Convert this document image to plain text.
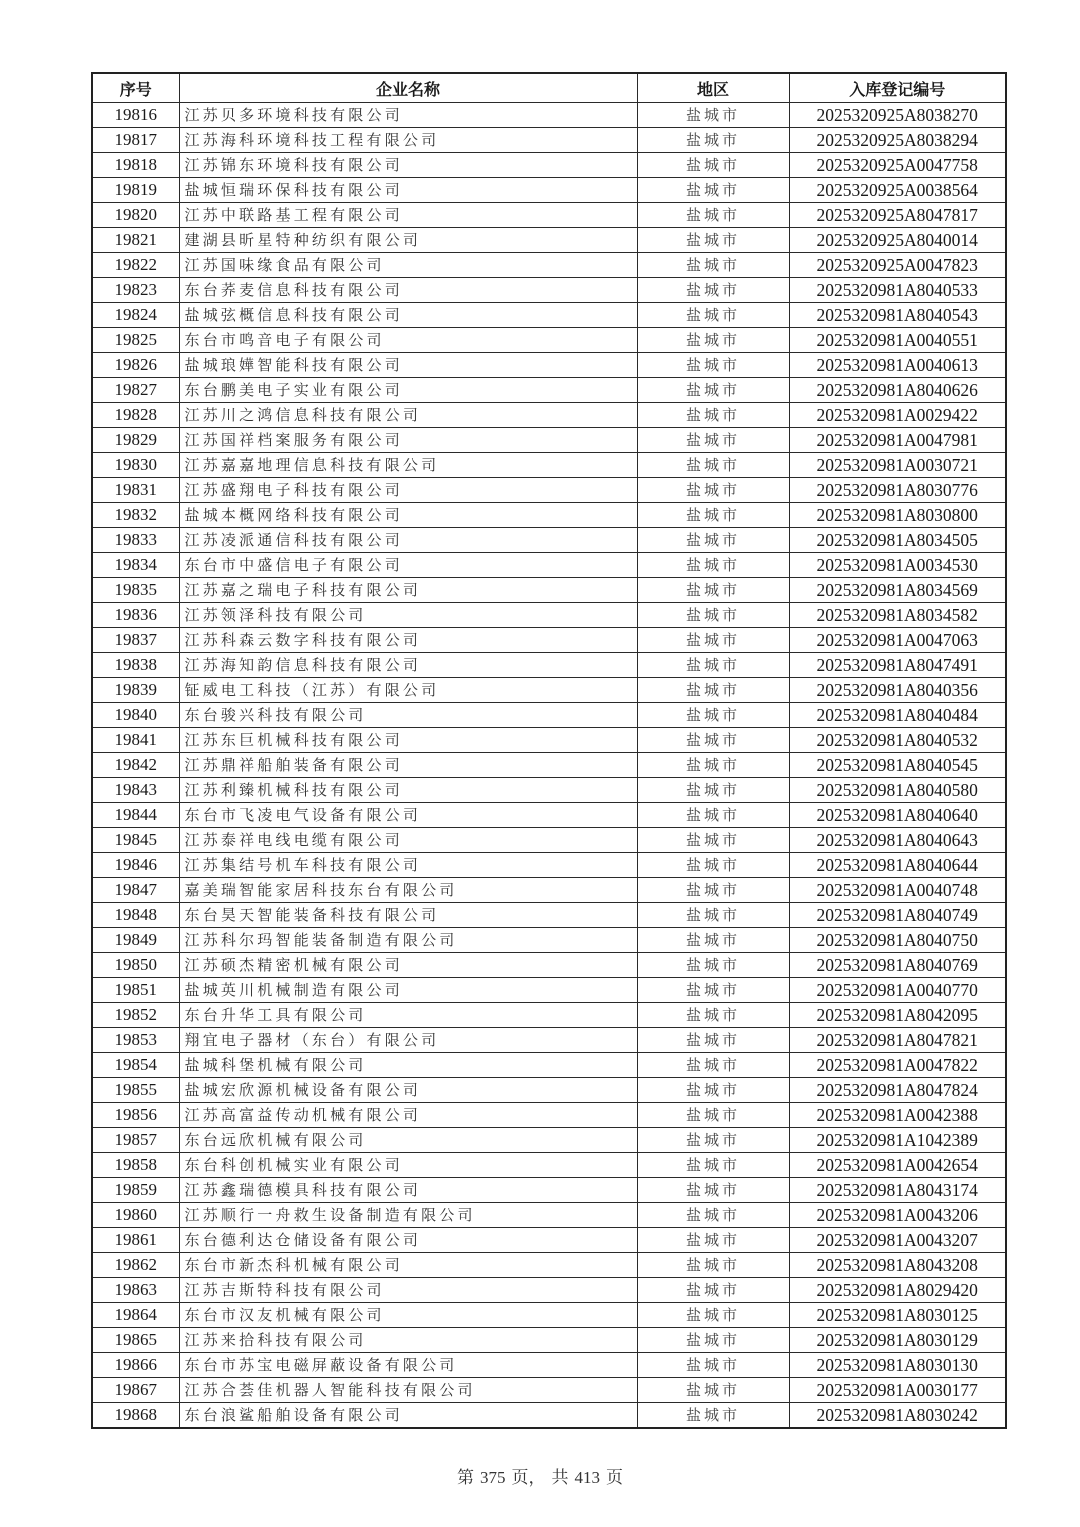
序号	企业名称	地区	入库登记编号
19816	江苏贝多环境科技有限公司	盐城市	2025320925A8038270
19817	江苏海科环境科技工程有限公司	盐城市	2025320925A8038294
19818	江苏锦东环境科技有限公司	盐城市	2025320925A0047758
19819	盐城恒瑞环保科技有限公司	盐城市	2025320925A0038564
19820	江苏中联路基工程有限公司	盐城市	2025320925A8047817
19821	建湖县昕星特种纺织有限公司	盐城市	2025320925A8040014
19822	江苏国味缘食品有限公司	盐城市	2025320925A0047823
19823	东台荞麦信息科技有限公司	盐城市	2025320981A8040533
19824	盐城弦概信息科技有限公司	盐城市	2025320981A8040543
19825	东台市鸣音电子有限公司	盐城市	2025320981A0040551
19826	盐城琅嬅智能科技有限公司	盐城市	2025320981A0040613
19827	东台鹏美电子实业有限公司	盐城市	2025320981A8040626
19828	江苏川之鸿信息科技有限公司	盐城市	2025320981A0029422
19829	江苏国祥档案服务有限公司	盐城市	2025320981A0047981
19830	江苏嘉嘉地理信息科技有限公司	盐城市	2025320981A0030721
19831	江苏盛翔电子科技有限公司	盐城市	2025320981A8030776
19832	盐城本概网络科技有限公司	盐城市	2025320981A8030800
19833	江苏凌派通信科技有限公司	盐城市	2025320981A8034505
19834	东台市中盛信电子有限公司	盐城市	2025320981A0034530
19835	江苏嘉之瑞电子科技有限公司	盐城市	2025320981A8034569
19836	江苏领泽科技有限公司	盐城市	2025320981A8034582
19837	江苏科森云数字科技有限公司	盐城市	2025320981A0047063
19838	江苏海知韵信息科技有限公司	盐城市	2025320981A8047491
19839	钲威电工科技（江苏）有限公司	盐城市	2025320981A8040356
19840	东台骏兴科技有限公司	盐城市	2025320981A8040484
19841	江苏东巨机械科技有限公司	盐城市	2025320981A8040532
19842	江苏鼎祥船舶装备有限公司	盐城市	2025320981A8040545
19843	江苏利臻机械科技有限公司	盐城市	2025320981A8040580
19844	东台市飞凌电气设备有限公司	盐城市	2025320981A8040640
19845	江苏泰祥电线电缆有限公司	盐城市	2025320981A8040643
19846	江苏集结号机车科技有限公司	盐城市	2025320981A8040644
19847	嘉美瑞智能家居科技东台有限公司	盐城市	2025320981A0040748
19848	东台昊天智能装备科技有限公司	盐城市	2025320981A8040749
19849	江苏科尔玛智能装备制造有限公司	盐城市	2025320981A8040750
19850	江苏硕杰精密机械有限公司	盐城市	2025320981A8040769
19851	盐城英川机械制造有限公司	盐城市	2025320981A0040770
19852	东台升华工具有限公司	盐城市	2025320981A8042095
19853	翔宜电子器材（东台）有限公司	盐城市	2025320981A8047821
19854	盐城科堡机械有限公司	盐城市	2025320981A0047822
19855	盐城宏欣源机械设备有限公司	盐城市	2025320981A8047824
19856	江苏高富益传动机械有限公司	盐城市	2025320981A0042388
19857	东台远欣机械有限公司	盐城市	2025320981A1042389
19858	东台科创机械实业有限公司	盐城市	2025320981A0042654
19859	江苏鑫瑞德模具科技有限公司	盐城市	2025320981A8043174
19860	江苏顺行一舟救生设备制造有限公司	盐城市	2025320981A0043206
19861	东台德利达仓储设备有限公司	盐城市	2025320981A0043207
19862	东台市新杰科机械有限公司	盐城市	2025320981A8043208
19863	江苏吉斯特科技有限公司	盐城市	2025320981A8029420
19864	东台市汉友机械有限公司	盐城市	2025320981A8030125
19865	江苏来拾科技有限公司	盐城市	2025320981A8030129
19866	东台市苏宝电磁屏蔽设备有限公司	盐城市	2025320981A8030130
19867	江苏合荟佳机器人智能科技有限公司	盐城市	2025320981A0030177
19868	东台浪鲨船舶设备有限公司	盐城市	2025320981A8030242
第 375 页， 共 413 页
